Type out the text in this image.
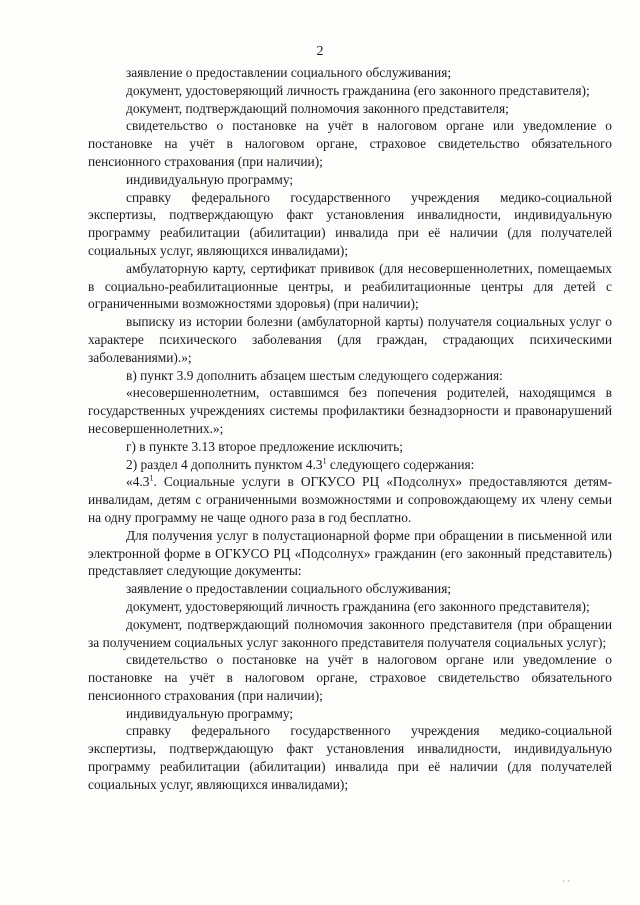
2

заявление о предоставлении социального обслуживания;

документ, удостоверяющий личность гражданина (его законного представителя);

документ, подтверждающий полномочия законного представителя;

свидетельство о постановке на учёт в налоговом органе или уведомление о постановке на учёт в налоговом органе, страховое свидетельство обязательного пенсионного страхования (при наличии);

индивидуальную программу;

справку федерального государственного учреждения медико-социальной экспертизы, подтверждающую факт установления инвалидности, индивидуальную программу реабилитации (абилитации) инвалида при её наличии (для получателей социальных услуг, являющихся инвалидами);

амбулаторную карту, сертификат прививок (для несовершеннолетних, помещаемых в социально-реабилитационные центры, и реабилитационные центры для детей с ограниченными возможностями здоровья) (при наличии);

выписку из истории болезни (амбулаторной карты) получателя социальных услуг о характере психического заболевания (для граждан, страдающих психическими заболеваниями).»;

в) пункт 3.9 дополнить абзацем шестым следующего содержания:

«несовершеннолетним, оставшимся без попечения родителей, находящимся в государственных учреждениях системы профилактики безнадзорности и правонарушений несовершеннолетних.»;

г) в пункте 3.13 второе предложение исключить;

2) раздел 4 дополнить пунктом $4.3^1$ следующего содержания:

«$4.3^1$. Социальные услуги в ОГКУСО РЦ «Подсолнух» предоставляются детям-инвалидам, детям с ограниченными возможностями и сопровождающему их члену семьи на одну программу не чаще одного раза в год бесплатно.

Для получения услуг в полустационарной форме при обращении в письменной или электронной форме в ОГКУСО РЦ «Подсолнух» гражданин (его законный представитель) представляет следующие документы:

заявление о предоставлении социального обслуживания;

документ, удостоверяющий личность гражданина (его законного представителя);

документ, подтверждающий полномочия законного представителя (при обращении за получением социальных услуг законного представителя получателя социальных услуг);

свидетельство о постановке на учёт в налоговом органе или уведомление о постановке на учёт в налоговом органе, страховое свидетельство обязательного пенсионного страхования (при наличии);

индивидуальную программу;

справку федерального государственного учреждения медико-социальной экспертизы, подтверждающую факт установления инвалидности, индивидуальную программу реабилитации (абилитации) инвалида при её наличии (для получателей социальных услуг, являющихся инвалидами);

· ·
